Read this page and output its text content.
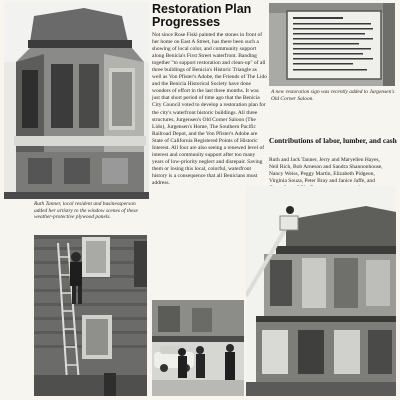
Ruth Tanner, local resident and businessperson added her artistry to the window scenes of these weather-protective plywood panels.
Restoration Plan Progresses
Not since Rose Fiski painted the stones in front of her home on East A Street, has there been such a showing of local color, and community support along Benicia's First Street waterfront. Banding together "to support restoration and clean-up" of all three buildings of Benicia's Historic Triangle as well as Von Pfister's Adobe, the Friends of The Lido and the Benicia Historical Society have done wonders of effort in the last three months. It was just that short period of time ago that the Benicia City Council voted to develop a restoration plan for the city's waterfront historic buildings. All three structures, Jurgensen's Old Corner Saloon (The Lido), Jurgensen's Home, The Southern Pacific Railroad Depot, and the Von Pfister's Adobe are State of California Registered Points of Historic Interest. All four are also seeing a renewed level of interest and community support after too many years of low-priority neglect and disrepair. Saving them or losing this local, colorful, waterfront history is a consequence that all Benicians must address.
A new restoration sign was recently added to Jurgensen's Old Corner Saloon.
Contributions of labor, lumber, and cash
Ruth and Jack Tanner, Jerry and Maryellen Hayes, Neil Rich, Bob Arneson and Sandra Shannonhouse, Nancy Weiss, Peggy Martin, Elizabeth Pidgeon, Virginia Souza, Peter Bray and Janice Jaffe, and
